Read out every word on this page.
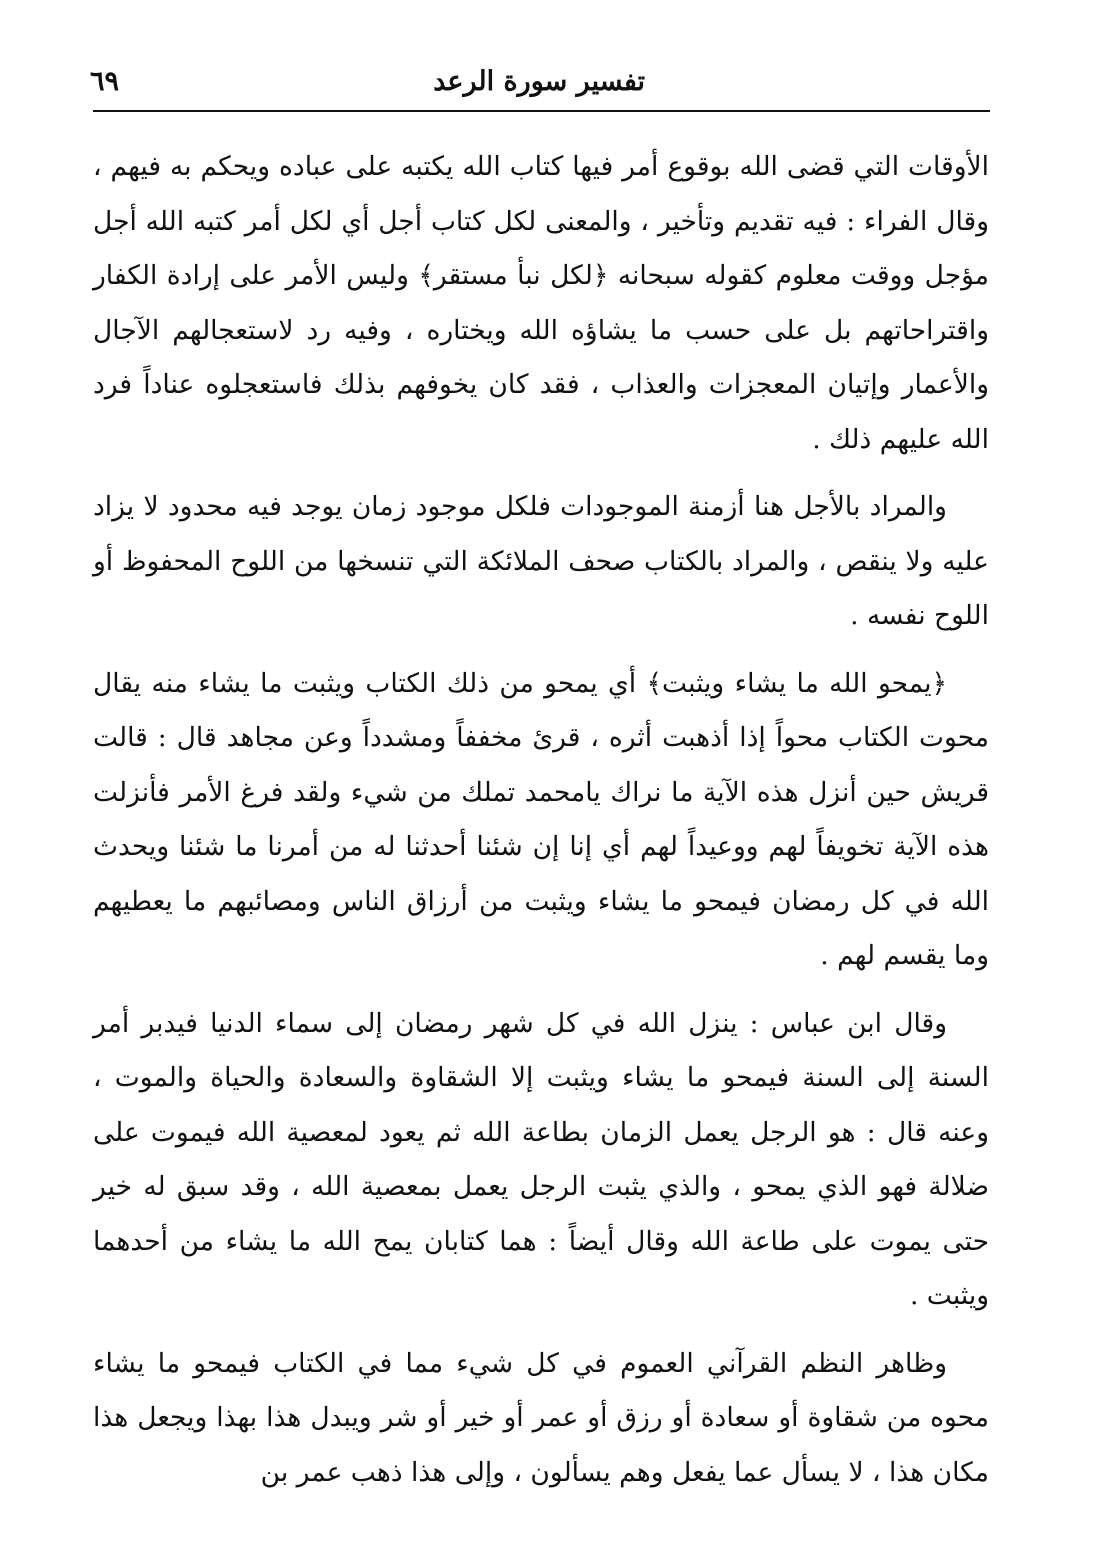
تفسير سورة الرعد
٦٩

الأوقات التي قضى الله بوقوع أمر فيها كتاب الله يكتبه على عباده ويحكم به فيهم ، وقال الفراء : فيه تقديم وتأخير ، والمعنى لكل كتاب أجل أي لكل أمر كتبه الله أجل مؤجل ووقت معلوم كقوله سبحانه ﴿لكل نبأ مستقر﴾ وليس الأمر على إرادة الكفار واقتراحاتهم بل على حسب ما يشاؤه الله ويختاره ، وفيه رد لاستعجالهم الآجال والأعمار وإتيان المعجزات والعذاب ، فقد كان يخوفهم بذلك فاستعجلوه عناداً فرد الله عليهم ذلك .

والمراد بالأجل هنا أزمنة الموجودات فلكل موجود زمان يوجد فيه محدود لا يزاد عليه ولا ينقص ، والمراد بالكتاب صحف الملائكة التي تنسخها من اللوح المحفوظ أو اللوح نفسه .

﴿يمحو الله ما يشاء ويثبت﴾ أي يمحو من ذلك الكتاب ويثبت ما يشاء منه يقال محوت الكتاب محواً إذا أذهبت أثره ، قرئ مخففاً ومشدداً وعن مجاهد قال : قالت قريش حين أنزل هذه الآية ما نراك يامحمد تملك من شيء ولقد فرغ الأمر فأنزلت هذه الآية تخويفاً لهم ووعيداً لهم أي إنا إن شئنا أحدثنا له من أمرنا ما شئنا ويحدث الله في كل رمضان فيمحو ما يشاء ويثبت من أرزاق الناس ومصائبهم ما يعطيهم وما يقسم لهم .

وقال ابن عباس : ينزل الله في كل شهر رمضان إلى سماء الدنيا فيدبر أمر السنة إلى السنة فيمحو ما يشاء ويثبت إلا الشقاوة والسعادة والحياة والموت ، وعنه قال : هو الرجل يعمل الزمان بطاعة الله ثم يعود لمعصية الله فيموت على ضلالة فهو الذي يمحو ، والذي يثبت الرجل يعمل بمعصية الله ، وقد سبق له خير حتى يموت على طاعة الله وقال أيضاً : هما كتابان يمح الله ما يشاء من أحدهما ويثبت .

وظاهر النظم القرآني العموم في كل شيء مما في الكتاب فيمحو ما يشاء محوه من شقاوة أو سعادة أو رزق أو عمر أو خير أو شر ويبدل هذا بهذا ويجعل هذا مكان هذا ، لا يسأل عما يفعل وهم يسألون ، وإلى هذا ذهب عمر بن
